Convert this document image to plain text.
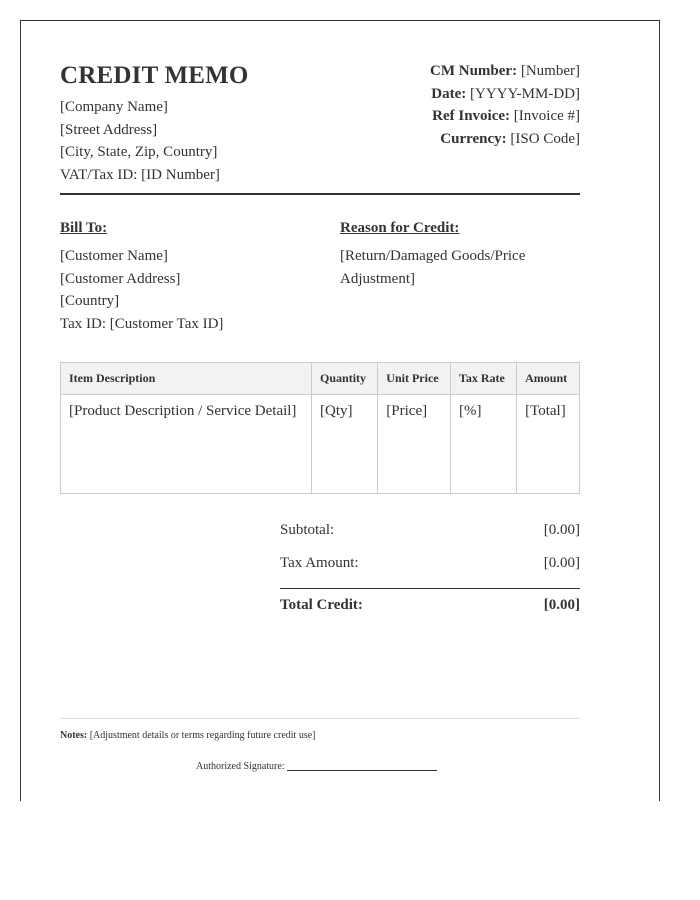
CREDIT MEMO
[Company Name]
[Street Address]
[City, State, Zip, Country]
VAT/Tax ID: [ID Number]
CM Number: [Number]
Date: [YYYY-MM-DD]
Ref Invoice: [Invoice #]
Currency: [ISO Code]
Bill To:
[Customer Name]
[Customer Address]
[Country]
Tax ID: [Customer Tax ID]
Reason for Credit:
[Return/Damaged Goods/Price
Adjustment]
Item Description	Quantity	Unit Price	Tax Rate	Amount
[Product Description / Service Detail]	[Qty]	[Price]	[%]	[Total]
Subtotal:	[0.00]
Tax Amount:	[0.00]
Total Credit:	[0.00]
Notes: [Adjustment details or terms regarding future credit use]
Authorized Signature:
